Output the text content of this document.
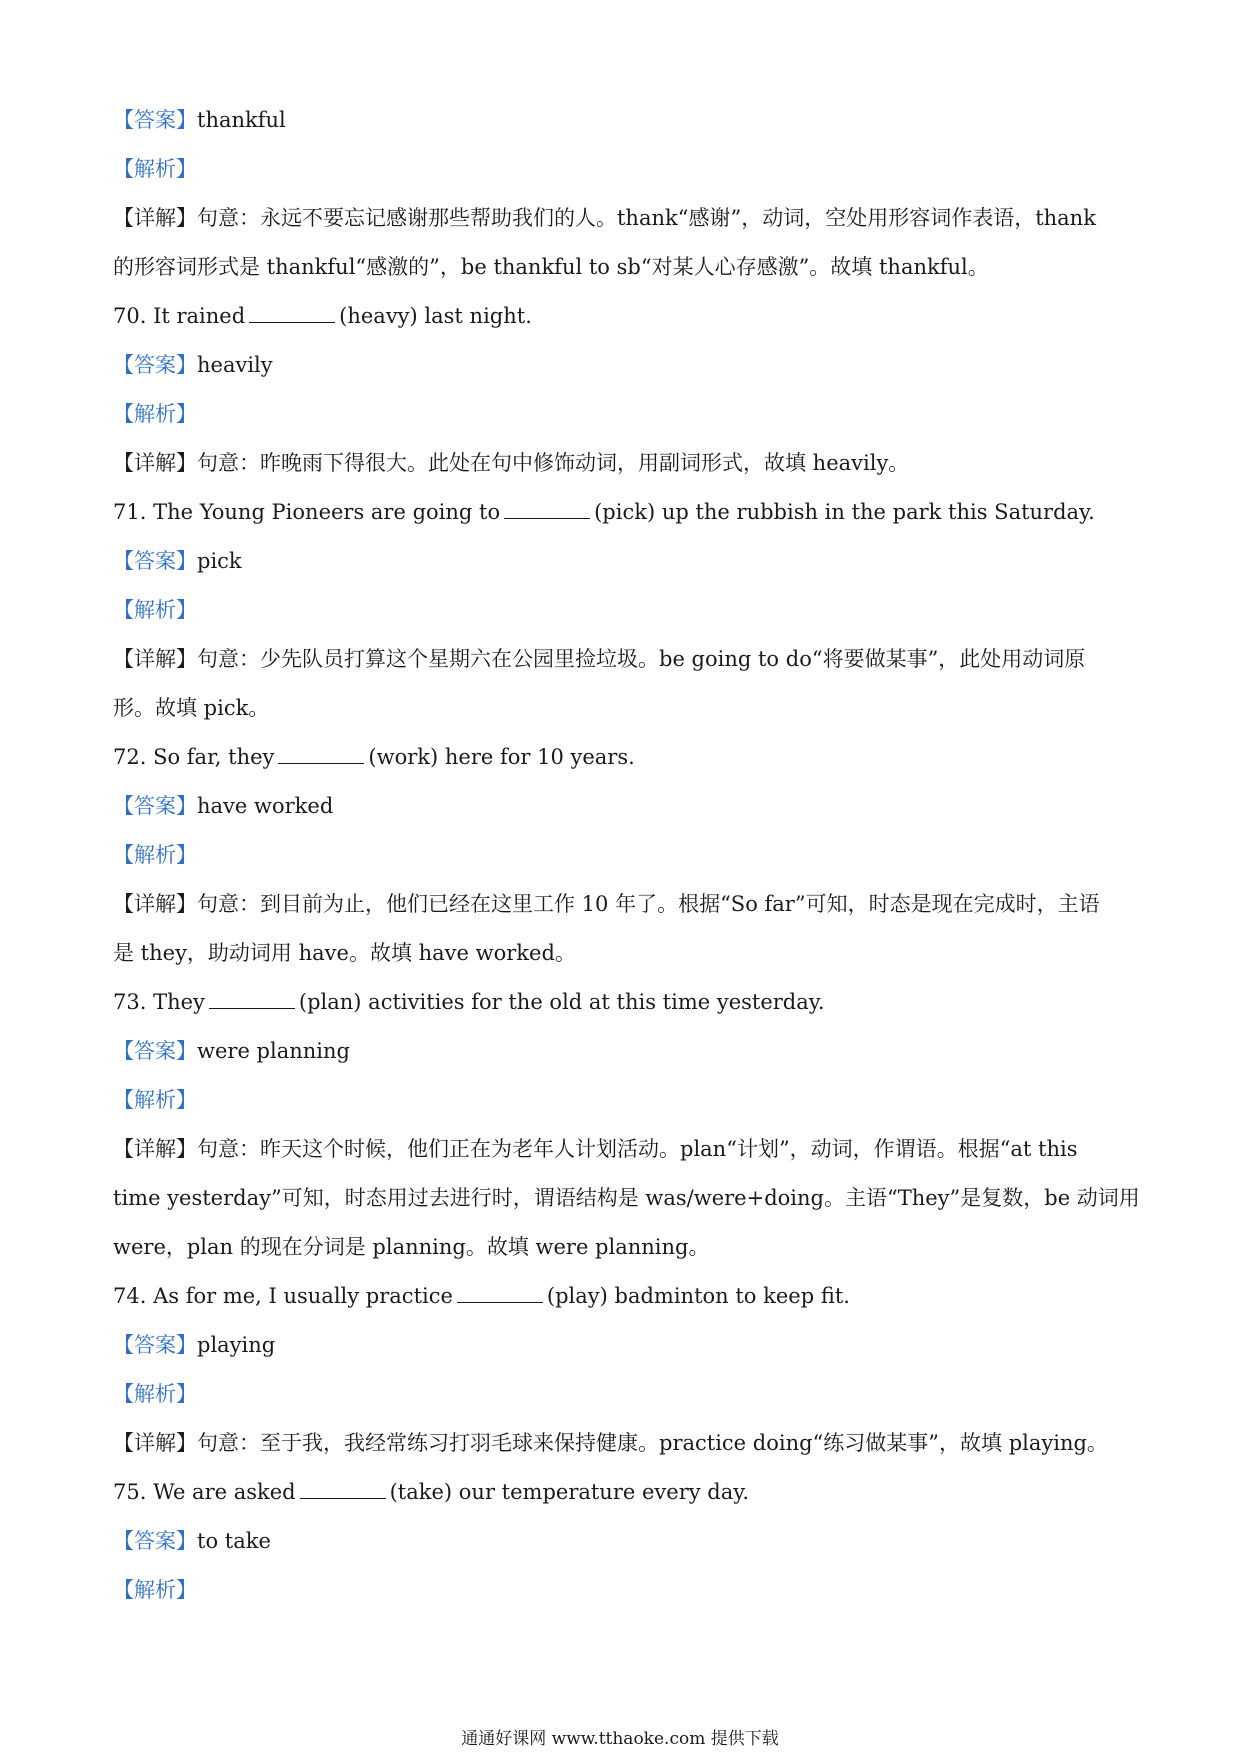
【答案】thankful
【解析】
【详解】句意：永远不要忘记感谢那些帮助我们的人。thank“感谢”，动词，空处用形容词作表语，thank
的形容词形式是 thankful“感激的”，be thankful to sb“对某人心存感激”。故填 thankful。
70. It rained	(heavy) last night.
【答案】heavily
【解析】
【详解】句意：昨晚雨下得很大。此处在句中修饰动词，用副词形式，故填 heavily。
71. The Young Pioneers are going to	(pick) up the rubbish in the park this Saturday.
【答案】pick
【解析】
【详解】句意：少先队员打算这个星期六在公园里捡垃圾。be going to do“将要做某事”，此处用动词原
形。故填 pick。
72. So far, they	(work) here for 10 years.
【答案】have worked
【解析】
【详解】句意：到目前为止，他们已经在这里工作 10 年了。根据“So far”可知，时态是现在完成时，主语
是 they，助动词用 have。故填 have worked。
73. They	(plan) activities for the old at this time yesterday.
【答案】were planning
【解析】
【详解】句意：昨天这个时候，他们正在为老年人计划活动。plan“计划”，动词，作谓语。根据“at this
time yesterday”可知，时态用过去进行时，谓语结构是 was/were+doing。主语“They”是复数，be 动词用
were，plan 的现在分词是 planning。故填 were planning。
74. As for me, I usually practice	(play) badminton to keep fit.
【答案】playing
【解析】
【详解】句意：至于我，我经常练习打羽毛球来保持健康。practice doing“练习做某事”，故填 playing。
75. We are asked	(take) our temperature every day.
【答案】to take
【解析】
通通好课网 www.tthaoke.com 提供下载
